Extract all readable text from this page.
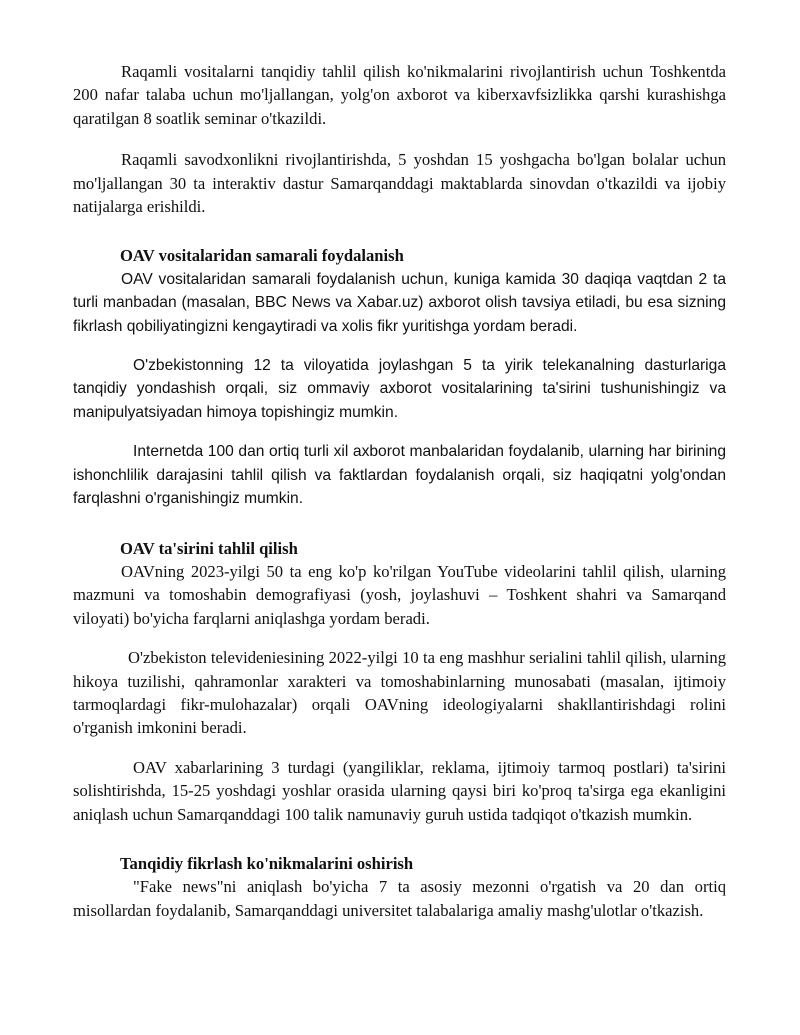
Raqamli vositalarni tanqidiy tahlil qilish ko'nikmalarini rivojlantirish uchun Toshkentda 200 nafar talaba uchun mo'ljallangan, yolg'on axborot va kiberxavfsizlikka qarshi kurashishga qaratilgan 8 soatlik seminar o'tkazildi.

Raqamli savodxonlikni rivojlantirishda, 5 yoshdan 15 yoshgacha bo'lgan bolalar uchun mo'ljallangan 30 ta interaktiv dastur Samarqanddagi maktablarda sinovdan o'tkazildi va ijobiy natijalarga erishildi.

OAV vositalaridan samarali foydalanish

OAV vositalaridan samarali foydalanish uchun, kuniga kamida 30 daqiqa vaqtdan 2 ta turli manbadan (masalan, BBC News va Xabar.uz) axborot olish tavsiya etiladi, bu esa sizning fikrlash qobiliyatingizni kengaytiradi va xolis fikr yuritishga yordam beradi.

O'zbekistonning 12 ta viloyatida joylashgan 5 ta yirik telekanalning dasturlariga tanqidiy yondashish orqali, siz ommaviy axborot vositalarining ta'sirini tushunishingiz va manipulyatsiyadan himoya topishingiz mumkin.

Internetda 100 dan ortiq turli xil axborot manbalaridan foydalanib, ularning har birining ishonchlilik darajasini tahlil qilish va faktlardan foydalanish orqali, siz haqiqatni yolg'ondan farqlashni o'rganishingiz mumkin.

OAV ta'sirini tahlil qilish

OAVning 2023-yilgi 50 ta eng ko'p ko'rilgan YouTube videolarini tahlil qilish, ularning mazmuni va tomoshabin demografiyasi (yosh, joylashuvi – Toshkent shahri va Samarqand viloyati) bo'yicha farqlarni aniqlashga yordam beradi.

O'zbekiston televideniesining 2022-yilgi 10 ta eng mashhur serialini tahlil qilish, ularning hikoya tuzilishi, qahramonlar xarakteri va tomoshabinlarning munosabati (masalan, ijtimoiy tarmoqlardagi fikr-mulohazalar) orqali OAVning ideologiyalarni shakllantirishdagi rolini o'rganish imkonini beradi.

OAV xabarlarining 3 turdagi (yangiliklar, reklama, ijtimoiy tarmoq postlari) ta'sirini solishtirishda, 15-25 yoshdagi yoshlar orasida ularning qaysi biri ko'proq ta'sirga ega ekanligini aniqlash uchun Samarqanddagi 100 talik namunaviy guruh ustida tadqiqot o'tkazish mumkin.

Tanqidiy fikrlash ko'nikmalarini oshirish

"Fake news"ni aniqlash bo'yicha 7 ta asosiy mezonni o'rgatish va 20 dan ortiq misollardan foydalanib, Samarqanddagi universitet talabalariga amaliy mashg'ulotlar o'tkazish.
